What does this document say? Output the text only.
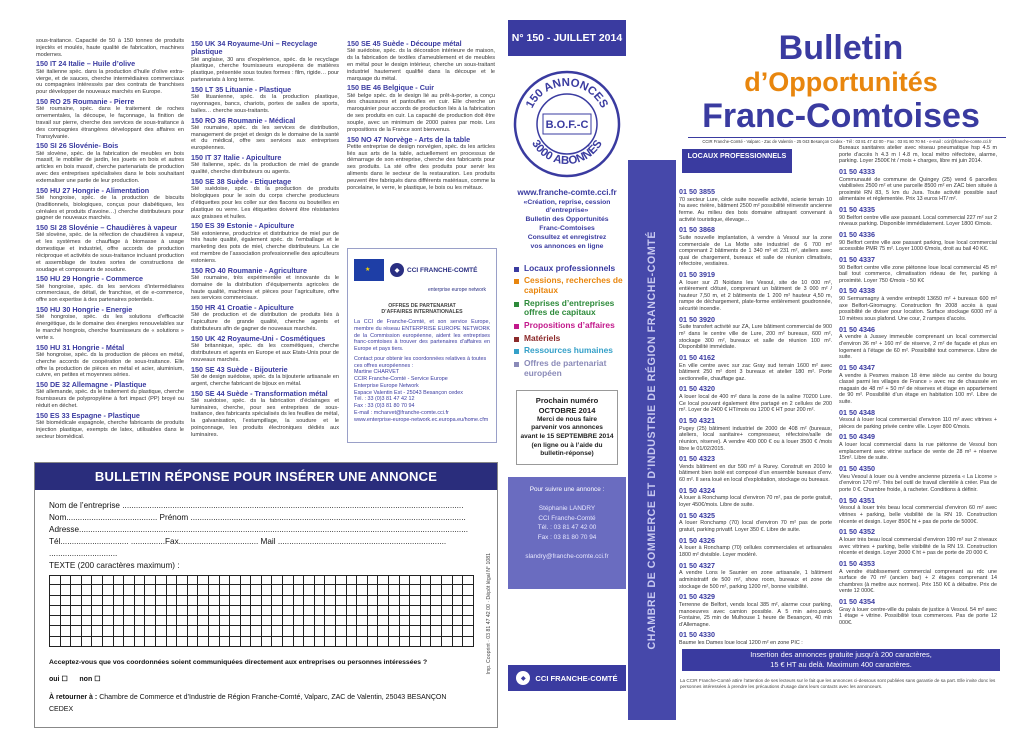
sous-traitance. Capacité de 50 à 150 tonnes de produits injectés et moulés, haute qualité de fabrication, machines modernes.

150 IT 24 Italie – Huile d’olive

Sté italienne spéc. dans la production d’huile d’olive extra-vierge, et de sauces, cherche intermédiaires commerciaux ou compagnies intéressés par des contrats de franchises pour développer de nouveaux marchés en Europe.

150 RO 25 Roumanie - Pierre

Sté roumaine, spéc. dans le traitement de roches ornementales, la découpe, le façonnage, la finition de travail sur pierre, cherche des services de sous-traitance à des compagnies étrangères développant des affaires en Transylvanie.

150 SI 26 Slovénie- Bois

Sté slovène, spéc. de la fabrication de meubles en bois massif, le mobilier de jardin, les jouets en bois et autres articles en bois massif, cherche partenariats de production avec des entreprises spécialisées dans le bois souhaitant externaliser une partie de leur production.

150 HU 27 Hongrie - Alimentation

Sté hongroise, spéc. de la production de biscuits (traditionnels, biologiques, conçus pour diabétiques, les céréales et produits d’avoine…) cherche distributeurs pour gagner de nouveaux marchés.

150 SI 28 Slovénie – Chaudières à vapeur

Sté slovène, spéc. de la réfection de chaudières à vapeur, et les systèmes de chauffage à biomasse à usage domestique et industriel, offre accords de production réciproque et activités de sous-traitance incluant production et assemblage de toutes sortes de constructions de soudage et composants de soudure.

150 HU 29 Hongrie - Commerce

Sté hongroise, spéc. ds les services d’intermédiaires commerciaux, de détail, de franchise, et de e-commerce, offre son expertise à des partenaires potentiels.

150 HU 30 Hongrie - Energie

Sté hongroise, spéc. ds les solutions d’efficacité énergétique, ds le domaine des énergies renouvelables sur le marché hongrois, cherche fournisseurs de « solutions » verte s.

150 HU 31 Hongrie - Métal

Sté hongroise, spéc. ds la production de pièces en métal, cherche accords de coopération de sous-traitance. Elle offre la production de pièces en métal et acier, aluminium, cuivre, en petites et moyennes séries.

150 DE 32 Allemagne - Plastique

Sté allemande, spéc. ds le traitement du plastique, cherche fournisseurs de polypropylène à fort impact (PP) broyé ou réduit en déchet.

150 ES 33 Espagne - Plastique

Sté biomédicale espagnole, cherche fabricants de produits injection plastique, exempts de latex, utilisables dans le secteur biomédical.

150 UK 34 Royaume-Uni – Recyclage plastique

Sté anglaise, 30 ans d’expérience, spéc. ds le recyclage plastique, cherche fournisseurs européens de matières plastique, présentée sous toutes formes : film, rigide… pour partenariats à long terme.

150 LT 35 Lituanie - Plastique

Sté lituanienne, spéc. ds la production plastique, rayonnages, bancs, chariots, portes de salles de sports, balles… cherche sous-traitants.

150 RO 36 Roumanie - Médical

Sté roumaine, spéc. ds les services de distribution, management de projet et design ds le domaine de la santé et du médical, offre ses services aux entreprises européennes.

150 IT 37 Italie - Apiculture

Sté italienne, spéc. ds la production de miel de grande qualité, cherche distributeurs ou agents.

150 SE 38 Suède - Etiquetage

Sté suédoise, spéc. ds la production de produits biologiques pour le soin du corps cherche producteurs d’étiquettes pour les coller sur des flacons ou bouteilles en plastique ou verre. Les étiquettes doivent être résistantes aux graisses et huiles.

150 ES 39 Estonie - Apiculture

Sté estonienne, productrice et distributrice de miel pur de très haute qualité, également spéc. ds l’emballage et le marketing des pots de miel, cherche distributeurs. La cie est membre de l’association professionnelle des apiculteurs estoniens.

150 RO 40 Roumanie - Agriculture

Sté roumaine, très expérimentée et innovante ds le domaine de la distribution d’équipements agricoles de haute qualité, machines et pièces pour l’agriculture, offre ses services commerciaux.

150 HR 41 Croatie - Apiculture

Sté de production et de distribution de produits liés à l’apiculture de grande qualité, cherche agents et distributeurs afin de gagner de nouveaux marchés.

150 UK 42 Royaume-Uni - Cosmétiques

Sté britannique, spéc. ds les cosmétiques, cherche distributeurs et agents en Europe et aux Etats-Unis pour de nouveaux marchés.

150 SE 43 Suède - Bijouterie

Sté de design suédoise, spéc. ds la bijouterie artisanale en argent, cherche fabricant de bijoux en métal.

150 SE 44 Suède - Transformation métal

Sté suédoise, spéc. ds la fabrication d’éclairages et luminaires, cherche, pour ses entreprises de sous-traitance, des fabricants spécialisés ds les feuilles de métal, la galvanisation, l’estampillage, la soudure et le poinçonnage, les produits électroniques dédiés aux luminaires.

150 SE 45 Suède - Découpe métal

Sté suédoise, spéc. ds la décoration intérieure de maison, ds la fabrication de textiles d’ameublement et de meubles en métal pour le design intérieur, cherche un sous-traitant industriel hautement qualifié dans la découpe et le marquage du métal.

150 BE 46 Belgique - Cuir

Sté belge spéc. ds le design lié au prêt-à-porter, a conçu des chaussures et pantoufles en cuir. Elle cherche un maroquinier pour accords de production liés à la fabrication de ses produits en cuir. La capacité de production doit être souple, avec un minimum de 2000 paires par mois. Les propositions de la France sont bienvenus.

150 NO 47 Norvège - Arts de la table

Petite entreprise de design norvégien, spéc. ds les articles liés aux arts de la table, actuellement en processus de démarrage de son entreprise, cherche des fabricants pour ses produits. La sté offre des produits pour servir les aliments dans le secteur de la restauration. Les produits peuvent être fabriqués dans différents matériaux, comme la porcelaine, le verre, le plastique, le bois ou les métaux.

★	◆	CCI FRANCHE-COMTÉ
enterprise europe network
OFFRES DE PARTENARIAT
D’AFFAIRES INTERNATIONALES
La CCI de Franche-Comté, et son service Europe, membre du réseau ENTERPRISE EUROPE NETWORK de la Commission européenne, aident les entreprises franc-comtoises à trouver des partenaires d’affaires en Europe et pays tiers.
Contact pour obtenir les coordonnées relatives à toutes ces offres européennes :
Martine CHARVET
CCIR Franche-Comté - Service Europe
Enterprise Europe Network
Espace Valentin Est - 25043 Besançon cedex
Tél. : 33 (0)3 81 47 42 12
Fax : 33 (0)3 81 80 70 94
E-mail : mcharvet@franche-comte.cci.fr
www.enterprise-europe-network.ec.europa.eu/home.cfm
BULLETIN RÉPONSE POUR INSÉRER UNE ANNONCE
Nom de l’entreprise ......................................................................................................................................................
Nom........................................ Prénom .........................................................................................................................
Adresse...........................................................................................................................................................................
Tél.............................. ...............Fax................................... Mail ..........................................................................
..............................
TEXTE (200 caractères maximum) :
Acceptez-vous que vos coordonnées soient communiquées directement aux entreprises ou personnes intéressées ?
oui ☐ non ☐
À retourner à : Chambre de Commerce et d’Industrie de Région Franche-Comté, Valparc, ZAC de Valentin, 25043 BESANÇON CEDEX
Imp. Cooprint · 03 81 47 42 00 · Dépôt légal N° 1081
N° 150 - JUILLET 2014
150 ANNONCES
3000 ABONNÉS
B.O.F.-C
www.franche-comte.cci.fr
«Création, reprise, cession d’entreprise»
Bulletin des Opportunités
Franc-Comtoises
Consultez et enregistrez
vos annonces en ligne
Locaux professionnels
Cessions, recherches de capitaux
Reprises d’entreprises offres de capitaux
Propositions d’affaires
Matériels
Ressources humaines
Offres de partenariat européen
Prochain numéro
OCTOBRE 2014
Merci de nous faire
parvenir vos annonces
avant le 15 SEPTEMBRE 2014
(en ligne ou à l’aide du
bulletin-réponse)
Pour suivre une annonce :

Stéphanie LANDRY
CCI Franche-Comté
Tél. : 03 81 47 42 00
Fax : 03 81 80 70 94

slandry@franche-comte.cci.fr
◆	CCI FRANCHE-COMTÉ
CHAMBRE DE COMMERCE ET D’INDUSTRIE DE RÉGION FRANCHE-COMTÉ
Bulletin
d’Opportunités
Franc-Comtoises
CCIR Franche-Comté - Valparc - Zac de Valentin - 25 043 Besançon Cedex - Tél : 03 81 47 42 00 - Fax : 03 81 80 70 94 - e-mail : ccir@franche-comte.cci.fr
LOCAUX PROFESSIONNELS
01 50 3855

70 secteur Lure, cède suite nouvelle activité, scierie terrain 10 ha avec rivière, bâtiment 2500 m² possibilité réinvestir ancienne ferme. Au milieu des bois domaine attrayant convenant à activité touristique, élevage…

01 50 3868

Suite nouvelle implantation, à vendre à Vesoul sur la zone commerciale de La Motte site industriel de 6 700 m² comprenant 2 bâtiments de 1 340 m² et 231 m², ateliers avec quai de chargement, bureaux et salle de réunion climatisés, réfectoire, vestiaires.

01 50 3919

A louer sur ZI Noidans les Vesoul, site de 10 000 m², entièrement clôturé, comprenant un bâtiment de 3 000 m² / hauteur 7,50 m, et 2 bâtiments de 1 200 m² hauteur 4,50 m, rampe de déchargement, plate-forme entièrement goudronnée, sécurité incendie.

01 50 3920

Suite transfert activité sur ZA, Lure bâtiment commercial de 900 m² dans le centre ville de Lure, 200 m² bureaux, 600 m², stockage 300 m², bureaux et salle de réunion 100 m². Disponibilité immédiate.

01 50 4162

En ville centre avec sur zac Gray sud terrain 1600 m² avec bâtiment 250 m² dont 3 bureaux et atelier 180 m². Porte sectionnelle, chauffage gaz.

01 50 4320

A louer local de 400 m² dans la zone de la saline 70200 Lure. Ce local pouvant également être partagé en 2 cellules de 200 m². Loyer de 2400 € HT/mois ou 1200 € HT pour 200 m².

01 50 4321

Pugey (25) bâtiment industriel de 2000 de 408 m² (bureaux, ateliers, local sanitaire+ compresseur, réfectoire/salle de réunion, réserve). A vendre 400 000 € ou à louer 3500 € /mois libre le 01/02/2015.

01 50 4323

Vends bâtiment en dur 590 m² à Rurey. Construit en 2010 le bâtiment bien isolé est composé d’un ensemble bureaux d’env. 60 m². Il sera loué en local d’exploitation, stockage ou bureaux.

01 50 4324

A louer à Ronchamp local d’environ 70 m², pas de porte gratuit, loyer 450€/mois. Libre de suite.

01 50 4325

A louer Ronchamp (70) local d’environ 70 m² pas de porte gratuit, parking privatif. Loyer 350 €. Libre de suite.

01 50 4326

A louer à Ronchamp (70) cellules commerciales et artisanales 1800 m² divisible. Loyer modéré.

01 50 4327

A vendre Lons le Saunier en zone artisanale, 1 bâtiment administratif de 500 m², show room, bureaux et zone de stockage de 500 m², parking 1200 m², bonne visibilité.

01 50 4329

Terrenne de Belfort, vends local 385 m², alarme cour parking, manoeuvres avec camion possible. A 5 min aéro.parck Fontaine, 25 min de Mulhouse 1 heure de Besançon, 40 min d’Allemagne.

01 50 4330

Baume les Dames loue local 1200 m² en zone PIC :

Bureaux sanitaires atelier avec réseau pneumatique hsp 4.5 m porte d’accès h 4.3 m l 4.8 m, local métro réfectoire, alarme, parking. Loyer 2500€ ht / mois + charges, libre mi juin 2014.

01 50 4333

Communauté de commune de Quingey (25) vend 6 parcelles viabilisées 2500 m² et une parcelle 8500 m² en ZAC bien située à proximité RN 83, 5 km du Jura. Toute activité possible sauf alimentaire et réglementée. Prix 13 euros HT/ m².

01 50 4335

90 Belfort centre ville axe passant. Local commercial 227 m² sur 2 niveaux parking. Disponible immédiatement. Loyer 1800 €/mois.

01 50 4336

90 Belfort centre ville axe passant parking, loue local commercial accessible PMR 75 m². Loyer 1000 €/mois, droit au bail 40 K€.

01 50 4337

90 Belfort centre ville zone piétonne loue local commercial 45 m² bail tout commerce, climatisation rideau de fer, parking à proximité. Loyer 750 €/mois - 50 K€

01 50 4338

90 Sermamagny à vendre entrepôt 13650 m² + bureaux 600 m² axe Belfort-Giromagny. Construction fin 2008 accès à quai possibilité de diviser pour location. Surface stockage 6000 m² à 10 mètres sous plafond. Une cour, 2 rampes d’accès.

01 50 4346

A vendre à Jussey immeuble comprenant un local commercial d’environ 36 m² + 160 m² de réserve, 2 m² de façade et plus en logement à l’étage de 60 m². Possibilité tout commerce. Libre de suite.

01 50 4347

A vendre à Pesmes maison 18 ème siècle au centre du bourg classé parmi les villages de France » avec rez de chaussée en magasin de 48 m² + 50 m² de réserves et étage en appartement de 90 m². Possibilité d’un étage en habitation 100 m². Libre de suite.

01 50 4348

Vesoul à louer local commercial d’environ 110 m² avec vitrines + pièces de parking privée centre ville. Loyer 800 €/mois.

01 50 4349

A louer local commercial dans la rue piétonne de Vesoul bon emplacement avec vitrine surface de vente de 28 m² + réserve 15m². Libre de suite.

01 50 4350

Vieu Vesoul à louer ou à vendre ancienne pizzeria « La Licorne » d’environ 170 m². Très bel outil de travail clientèle à créer. Pas de porte 0 €. Chambre froide, à racheter. Conditions à définir.

01 50 4351

Vesoul à louer très beau local commercial d’environ 60 m² avec vitrines + parking, belle visibilité de la RN 19. Construction récente et design. Loyer 850€ ht + pas de porte de 5000€.

01 50 4352

A louer très beau local commercial d’environ 190 m² sur 2 niveaux avec vitrines + parking, belle visibilité de la RN 19. Construction récente et design. Loyer 2000 € ht + pas de porte de 20 000 €.

01 50 4353

A vendre établissement commercial comprenant au rdc une surface de 70 m² (ancien bar) + 2 étages comprenant 14 chambres (à mettre aux normes). Prix 150 K€ à débattre. Prix de vente 12 000€.

01 50 4354

Gray à louer centre-ville du palais de justice à Vesoul. 54 m² avec 1 étage + vitrine. Possibilité tous commerces. Pas de porte 12 000€.

Insertion des annonces gratuite jusqu’à 200 caractères,
15 € HT au delà. Maximum 400 caractères.
La CCIR Franche-Comté attire l’attention de ses lecteurs sur le fait que les annonces ci-dessous sont publiées sans garantie de sa part. Elle invite donc les personnes intéressées à prendre les précautions d’usage dans leurs contacts avec les annonceurs.
